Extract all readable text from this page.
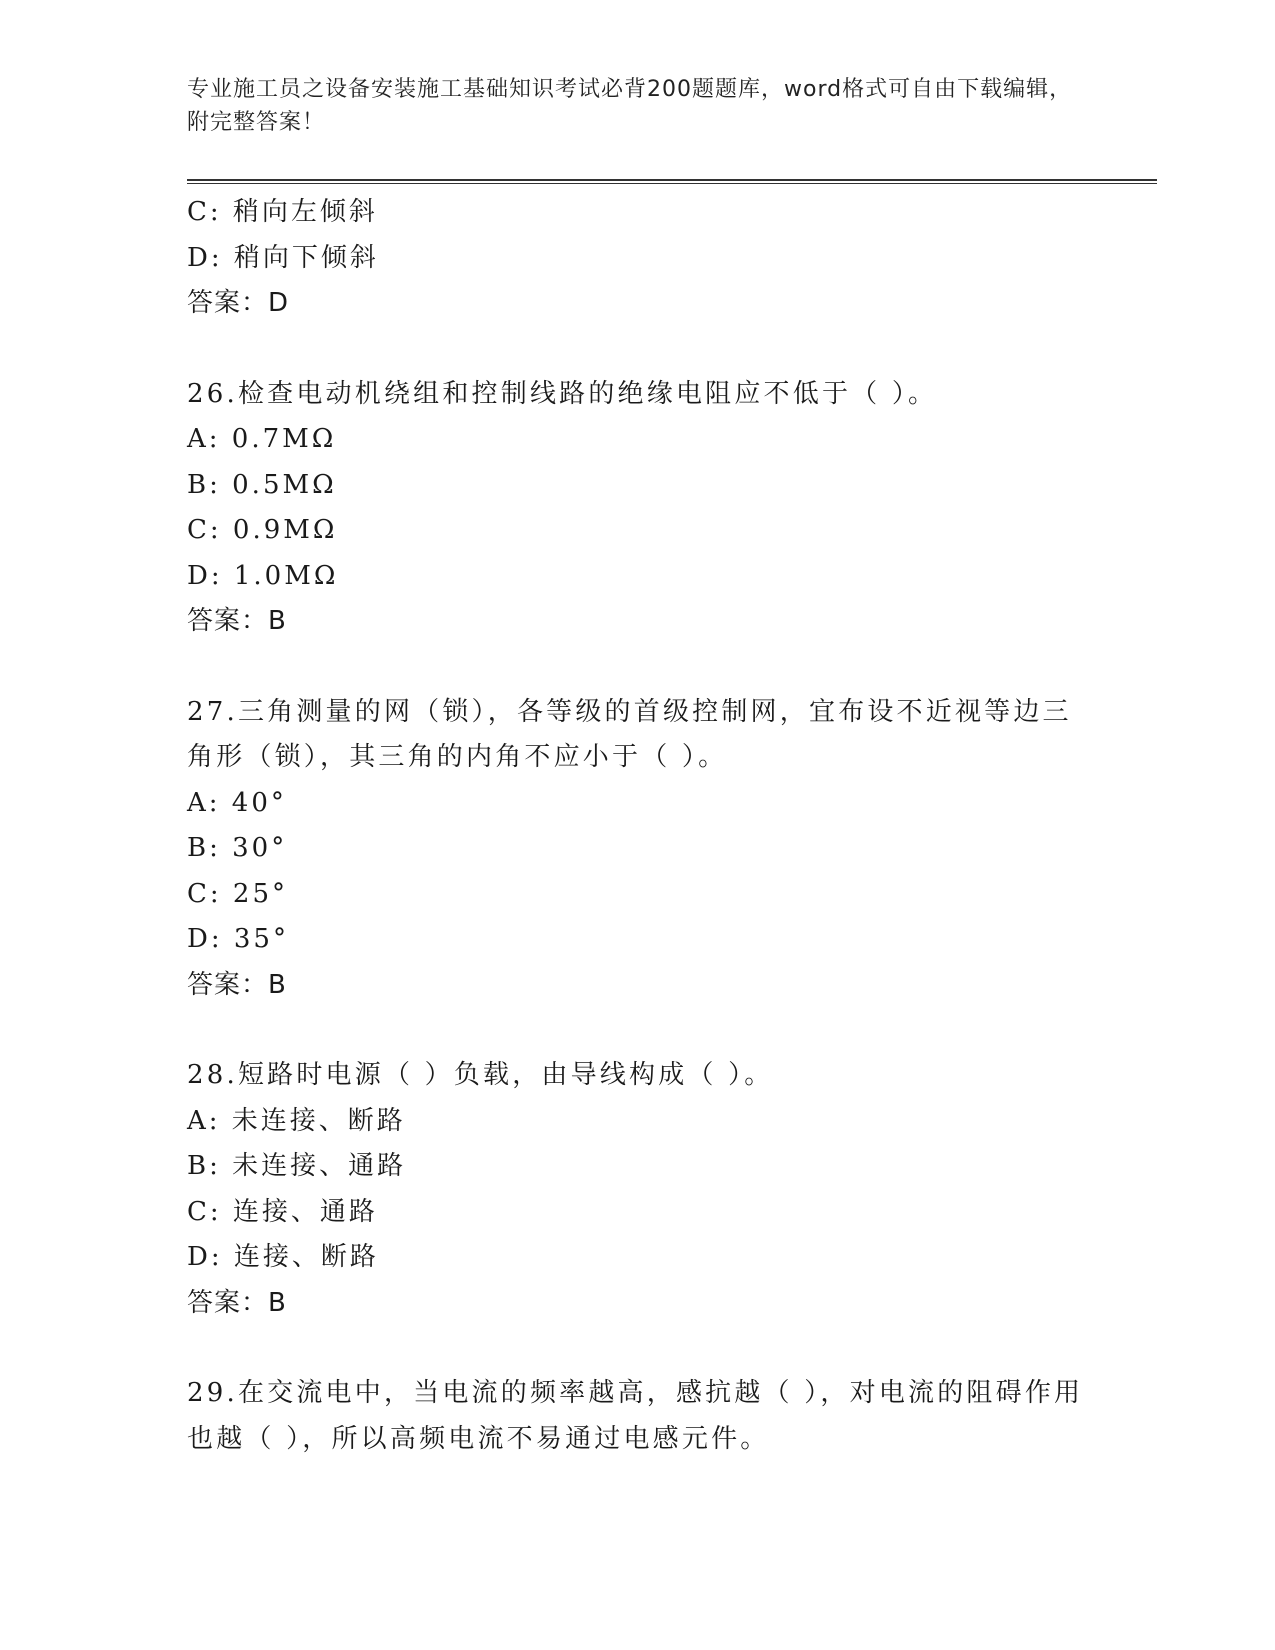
专业施工员之设备安装施工基础知识考试必背200题题库，word格式可自由下载编辑，附完整答案！
C: 稍向左倾斜
D: 稍向下倾斜
答案：D
26.检查电动机绕组和控制线路的绝缘电阻应不低于（ ）。
A: 0.7MΩ
B: 0.5MΩ
C: 0.9MΩ
D: 1.0MΩ
答案：B
27.三角测量的网（锁），各等级的首级控制网，宜布设不近视等边三角形（锁），其三角的内角不应小于（ ）。
A: 40°
B: 30°
C: 25°
D: 35°
答案：B
28.短路时电源（ ）负载，由导线构成（ ）。
A: 未连接、断路
B: 未连接、通路
C: 连接、通路
D: 连接、断路
答案：B
29.在交流电中，当电流的频率越高，感抗越（ ），对电流的阻碍作用也越（ ），所以高频电流不易通过电感元件。
